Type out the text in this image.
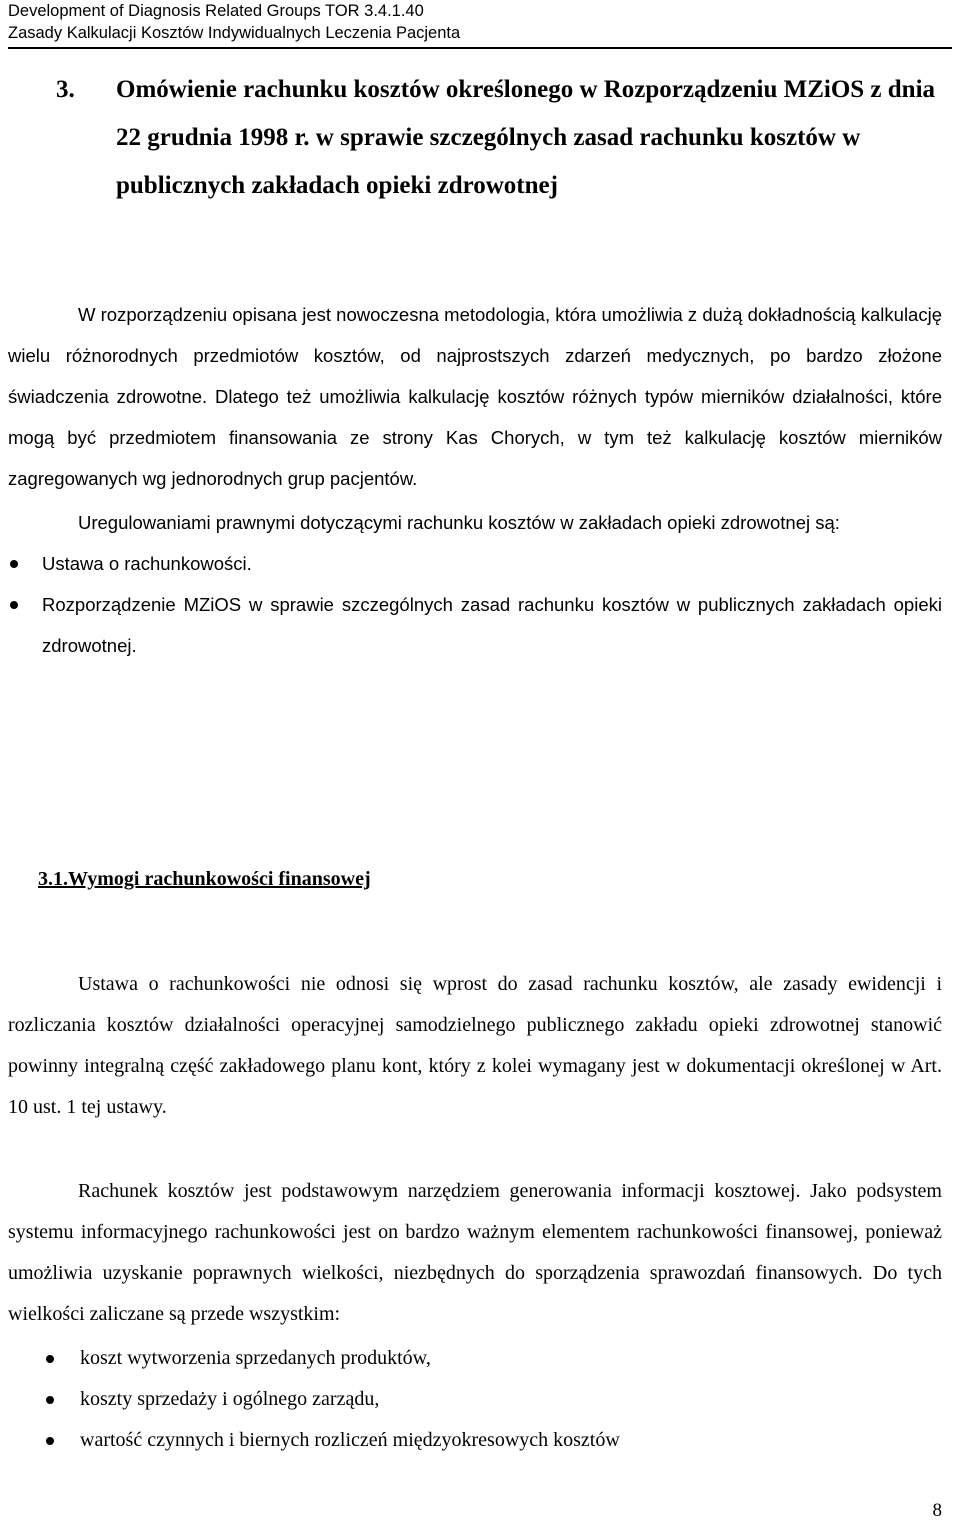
Development of Diagnosis Related Groups TOR 3.4.1.40
Zasady Kalkulacji Kosztów Indywidualnych Leczenia Pacjenta
3. Omówienie rachunku kosztów określonego w Rozporządzeniu MZiOS z dnia 22 grudnia 1998 r. w sprawie szczególnych zasad rachunku kosztów w publicznych zakładach opieki zdrowotnej

W rozporządzeniu opisana jest nowoczesna metodologia, która umożliwia z dużą dokładnością kalkulację wielu różnorodnych przedmiotów kosztów, od najprostszych zdarzeń medycznych, po bardzo złożone świadczenia zdrowotne. Dlatego też umożliwia kalkulację kosztów różnych typów mierników działalności, które mogą być przedmiotem finansowania ze strony Kas Chorych, w tym też kalkulację kosztów mierników zagregowanych wg jednorodnych grup pacjentów.

Uregulowaniami prawnymi dotyczącymi rachunku kosztów w zakładach opieki zdrowotnej są:

Ustawa o rachunkowości.
Rozporządzenie MZiOS w sprawie szczególnych zasad rachunku kosztów w publicznych zakładach opieki zdrowotnej.
3.1.Wymogi rachunkowości finansowej

Ustawa o rachunkowości nie odnosi się wprost do zasad rachunku kosztów, ale zasady ewidencji i rozliczania kosztów działalności operacyjnej samodzielnego publicznego zakładu opieki zdrowotnej stanowić powinny integralną część zakładowego planu kont, który z kolei wymagany jest w dokumentacji określonej w Art. 10 ust. 1 tej ustawy.

Rachunek kosztów jest podstawowym narzędziem generowania informacji kosztowej. Jako podsystem systemu informacyjnego rachunkowości jest on bardzo ważnym elementem rachunkowości finansowej, ponieważ umożliwia uzyskanie poprawnych wielkości, niezbędnych do sporządzenia sprawozdań finansowych. Do tych wielkości zaliczane są przede wszystkim:

koszt wytworzenia sprzedanych produktów,
koszty sprzedaży i ogólnego zarządu,
wartość czynnych i biernych rozliczeń międzyokresowych kosztów
8
